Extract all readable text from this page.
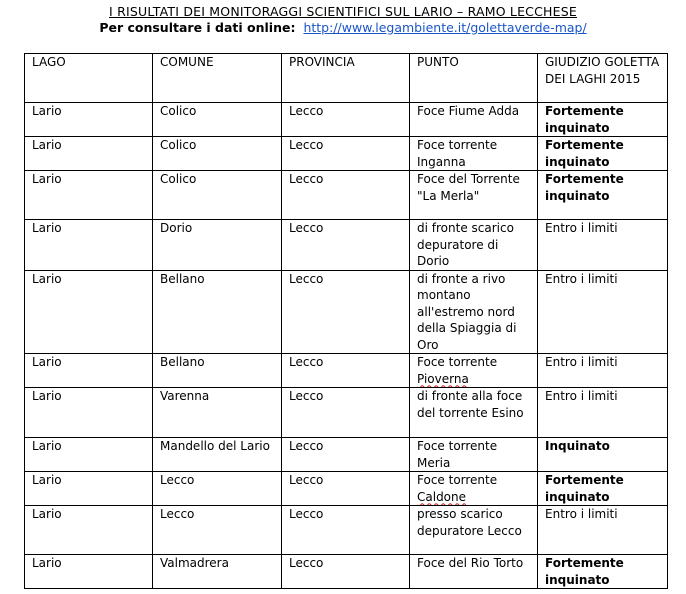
I RISULTATI DEI MONITORAGGI SCIENTIFICI SUL LARIO – RAMO LECCHESE
Per consultare i dati online: http://www.legambiente.it/golettaverde-map/
LAGO	COMUNE	PROVINCIA	PUNTO	GIUDIZIO GOLETTA DEI LAGHI 2015
Lario	Colico	Lecco	Foce Fiume Adda	Fortemente inquinato
Lario	Colico	Lecco	Foce torrente Inganna	Fortemente inquinato
Lario	Colico	Lecco	Foce del Torrente "La Merla"	Fortemente inquinato
Lario	Dorio	Lecco	di fronte scarico depuratore di Dorio	Entro i limiti
Lario	Bellano	Lecco	di fronte a rivo montano all'estremo nord della Spiaggia di Oro	Entro i limiti
Lario	Bellano	Lecco	Foce torrente Pioverna	Entro i limiti
Lario	Varenna	Lecco	di fronte alla foce del torrente Esino	Entro i limiti
Lario	Mandello del Lario	Lecco	Foce torrente Meria	Inquinato
Lario	Lecco	Lecco	Foce torrente Caldone	Fortemente inquinato
Lario	Lecco	Lecco	presso scarico depuratore Lecco	Entro i limiti
Lario	Valmadrera	Lecco	Foce del Rio Torto	Fortemente inquinato
